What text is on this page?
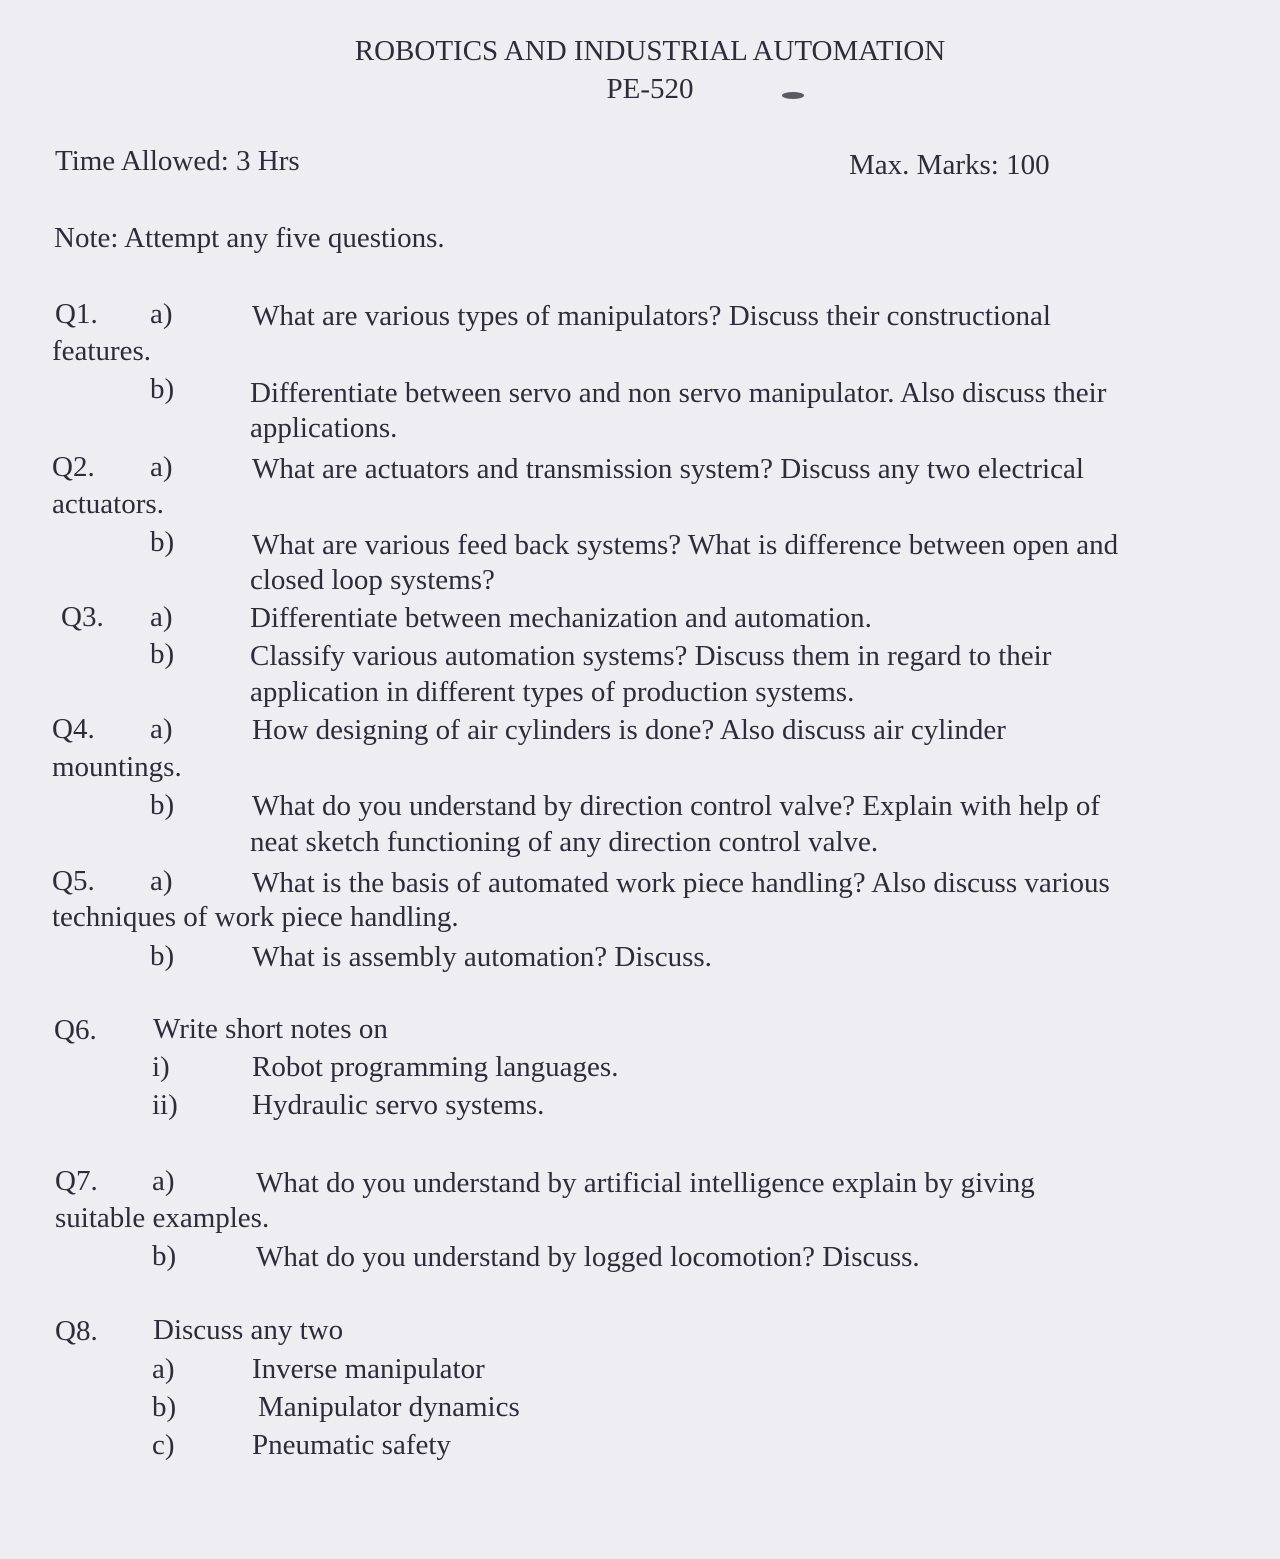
ROBOTICS AND INDUSTRIAL AUTOMATION
PE-520
Time Allowed: 3 Hrs	Max. Marks: 100
Note: Attempt any five questions.
Q1. a)	What are various types of manipulators? Discuss their constructional
features.
b)	Differentiate between servo and non servo manipulator. Also discuss their
applications.
Q2. a)	What are actuators and transmission system? Discuss any two electrical
actuators.
b)	What are various feed back systems? What is difference between open and
closed loop systems?
Q3. a)	Differentiate between mechanization and automation.
b)	Classify various automation systems? Discuss them in regard to their
application in different types of production systems.
Q4. a)	How designing of air cylinders is done? Also discuss air cylinder
mountings.
b)	What do you understand by direction control valve? Explain with help of
neat sketch functioning of any direction control valve.
Q5. a)	What is the basis of automated work piece handling? Also discuss various
techniques of work piece handling.
b)	What is assembly automation? Discuss.
Q6. Write short notes on
i)	Robot programming languages.
ii)	Hydraulic servo systems.
Q7. a)	What do you understand by artificial intelligence explain by giving
suitable examples.
b)	What do you understand by logged locomotion? Discuss.
Q8. Discuss any two
a)	Inverse manipulator
b)	Manipulator dynamics
c)	Pneumatic safety
